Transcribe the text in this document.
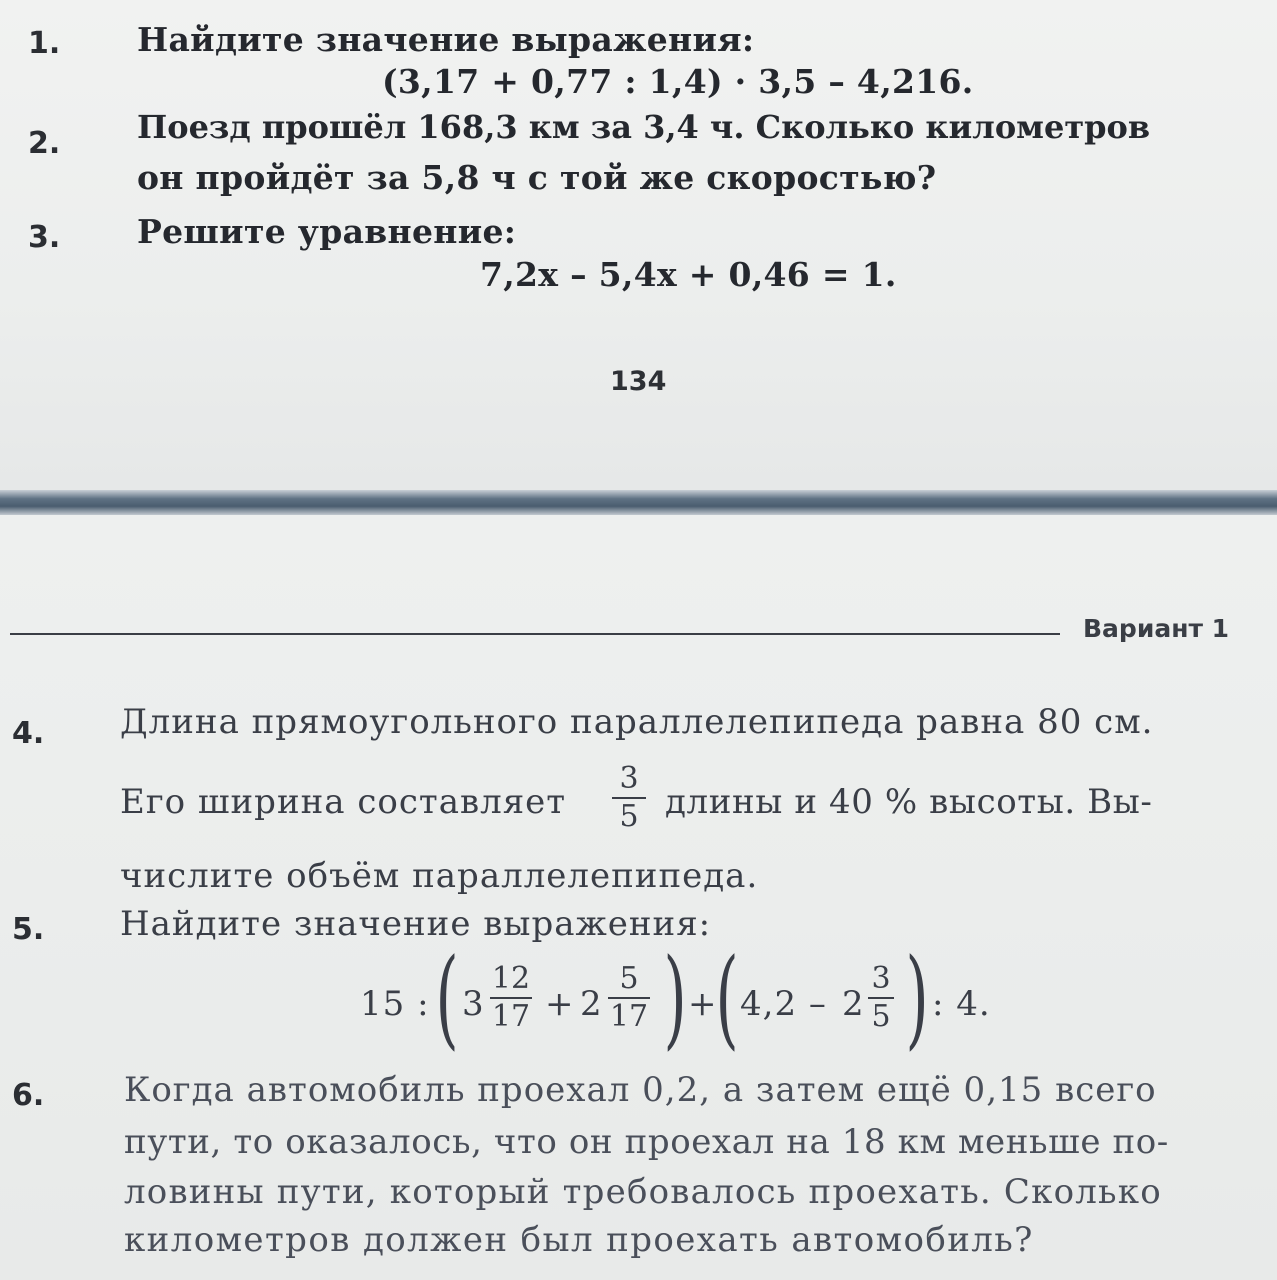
1. Найдите значение выражения:
(3,17 + 0,77 : 1,4) · 3,5 – 4,216.
2. Поезд прошёл 168,3 км за 3,4 ч. Сколько километров
он пройдёт за 5,8 ч с той же скоростью?
3. Решите уравнение:
7,2x – 5,4x + 0,46 = 1.
134
Вариант 1
4. Длина прямоугольного параллелепипеда равна 80 см.
Его ширина составляет
3
5 длины и 40 % высоты. Вы-
числите объём параллелепипеда.
5. Найдите значение выражения:
15 : ( 3
12
17 + 2
5
17 ) +
( 4,2 – 2
3
5 ) : 4.
6. Когда автомобиль проехал 0,2, а затем ещё 0,15 всего
пути, то оказалось, что он проехал на 18 км меньше по-
ловины пути, который требовалось проехать. Сколько
километров должен был проехать автомобиль?
